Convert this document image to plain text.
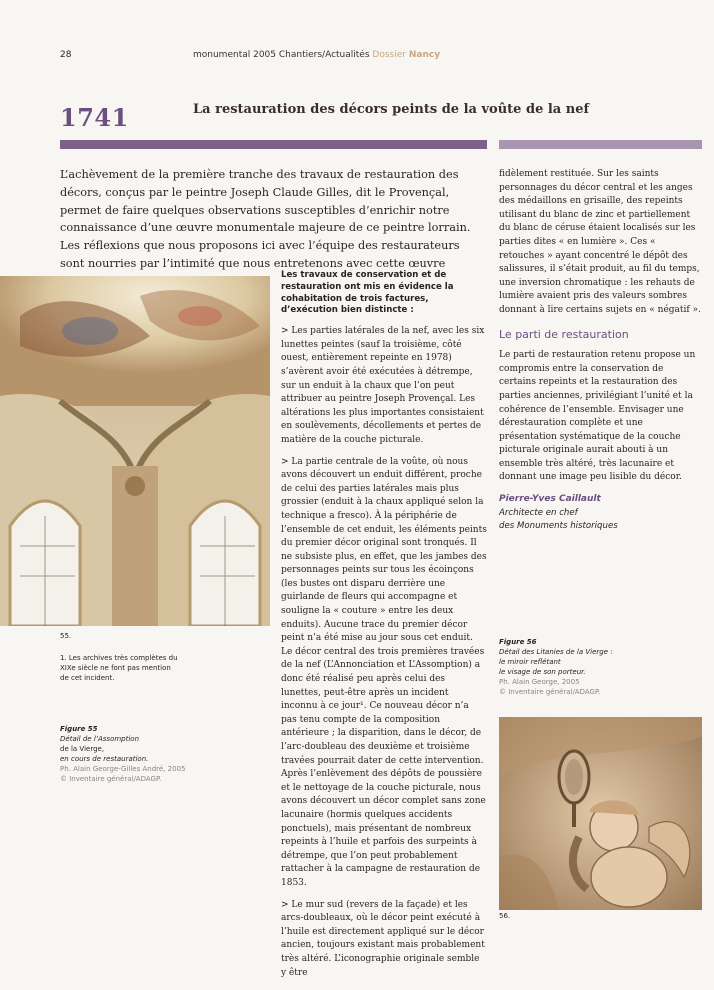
28	monumental 2005 Chantiers/Actualités Dossier Nancy
1741	La restauration des décors peints de la voûte de la nef

L’achèvement de la première tranche des travaux de restauration des décors, conçus par le peintre Joseph Claude Gilles, dit le Provençal, permet de faire quelques observations susceptibles d’enrichir notre connaissance d’une œuvre monumentale majeure de ce peintre lorrain. Les réflexions que nous proposons ici avec l’équipe des restaurateurs sont nourries par l’intimité que nous entretenons avec cette œuvre

55.
1. Les archives très complètes du XIXe siècle ne font pas mention de cet incident.
Figure 55
Détail de l’Assomption
de la Vierge,
en cours de restauration.
Ph. Alain George-Gilles André, 2005
© Inventaire général/ADAGP.

Les travaux de conservation et de restauration ont mis en évidence la cohabitation de trois factures, d’exécution bien distincte :

> Les parties latérales de la nef, avec les six lunettes peintes (sauf la troisième, côté ouest, entièrement repeinte en 1978) s’avèrent avoir été exécutées à détrempe, sur un enduit à la chaux que l’on peut attribuer au peintre Joseph Provençal. Les altérations les plus importantes consistaient en soulèvements, décollements et pertes de matière de la couche picturale.

> La partie centrale de la voûte, où nous avons découvert un enduit différent, proche de celui des parties latérales mais plus grossier (enduit à la chaux appliqué selon la technique a fresco). À la périphérie de l’ensemble de cet enduit, les éléments peints du premier décor original sont tronqués. Il ne subsiste plus, en effet, que les jambes des personnages peints sur tous les écoinçons (les bustes ont disparu derrière une guirlande de fleurs qui accompagne et souligne la « couture » entre les deux enduits). Aucune trace du premier décor peint n’a été mise au jour sous cet enduit. Le décor central des trois premières travées de la nef (L’Annonciation et L’Assomption) a donc été réalisé peu après celui des lunettes, peut-être après un incident inconnu à ce jour¹. Ce nouveau décor n’a pas tenu compte de la composition antérieure ; la disparition, dans le décor, de l’arc-doubleau des deuxième et troisième travées pourrait dater de cette intervention. Après l’enlèvement des dépôts de poussière et le nettoyage de la couche picturale, nous avons découvert un décor complet sans zone lacunaire (hormis quelques accidents ponctuels), mais présentant de nombreux repeints à l’huile et parfois des surpeints à détrempe, que l’on peut probablement rattacher à la campagne de restauration de 1853.

> Le mur sud (revers de la façade) et les arcs-doubleaux, où le décor peint exécuté à l’huile est directement appliqué sur le décor ancien, toujours existant mais probablement très altéré. L’iconographie originale semble y être

fidèlement restituée. Sur les saints personnages du décor central et les anges des médaillons en grisaille, des repeints utilisant du blanc de zinc et partiellement du blanc de céruse étaient localisés sur les parties dites « en lumière ». Ces « retouches » ayant concentré le dépôt des salissures, il s’était produit, au fil du temps, une inversion chromatique : les rehauts de lumière avaient pris des valeurs sombres donnant à lire certains sujets en « négatif ».

Le parti de restauration

Le parti de restauration retenu propose un compromis entre la conservation de certains repeints et la restauration des parties anciennes, privilégiant l’unité et la cohérence de l’ensemble. Envisager une dérestauration complète et une présentation systématique de la couche picturale originale aurait abouti à un ensemble très altéré, très lacunaire et donnant une image peu lisible du décor.

Pierre-Yves Caillault

Architecte en chef

des Monuments historiques

Figure 56
Détail des Litanies de la Vierge :
le miroir reflétant
le visage de son porteur.
Ph. Alain George, 2005
© Inventaire général/ADAGP.
56.
